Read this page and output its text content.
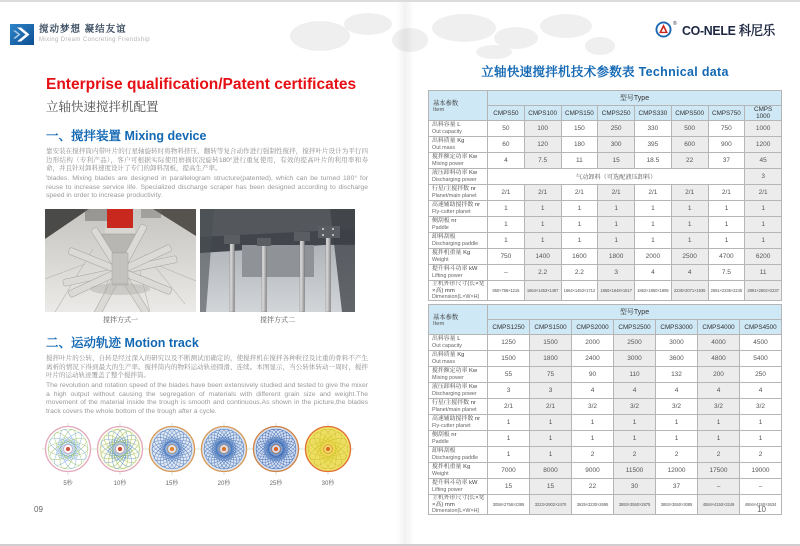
搅动梦想 凝结友谊
Mixing Dream Concreting Friendship
® CO-NELE 科尼乐
Enterprise qualification/Patent certificates
立轴快速搅拌机配置
一、搅拌装置 Mixing device
靠安装在搅拌筒内带叶片的行星轴旋转时将物料挤压、翻转等复合动作进行强制性搅拌，搅拌叶片设计为平行四边形结构（专利产品），客户可根据实际使用磨损状况旋转180°进行重复使用，有效的提高叶片的利用率和寿命，并且针对卸料速度设计了专门的卸料刮板，提高生产率。
'blades. Mixing blades are designed in parallelogram structure(patented), which can be turned 180° for reuse to increase service life. Specialized discharge scraper has been designed according to discharge speed in order to increase productivity.
搅拌方式一	搅拌方式二
二、运动轨迹 Motion track
搅拌叶片的公转、自转是经过深入的研究以及不断测试而确定的，使搅拌机在搅拌各种粒径及比重的骨料不产生离析的情况下得到最大的生产率。搅拌筒内的物料运动轨迹圆滑、连续。本图显示，当公转体转动一周时，搅拌叶片的运动轨迹覆盖了整个搅拌筒。
The revolution and rotation speed of the blades have been extensively studied and tested to give the mixer a high output without causing the segregation of materials with different grain size and weight.The movement of the material inside the trough is smooth and continuous.As shown in the picture,the blades track covers the whole bottom of the trough after a cycle.
5秒	10秒	15秒	20秒	25秒	30秒
09
立轴快速搅拌机技术参数表 Technical data
基本参数
Item	型号Type							
	CMPS50	CMPS100	CMPS150	CMPS250	CMPS330	CMPS500	CMPS750	CMPS 1000

出料容量 L
Out capacity	50	100	150	250	330	500	750	1000

出料质量 Kg
Out mass	60	120	180	300	395	600	900	1200

搅拌额定功率 Kw
Mixing power	4	7.5	11	15	18.5	22	37	45

液压卸料功率 Kw
Discharging power	气动卸料（可选配液压卸料）							3

行星/主搅拌数 nr
Planet/main planet	2/1	2/1	2/1	2/1	2/1	2/1	2/1	2/1

高速辅助搅拌数 nr
Fly-cutter planet	1	1	1	1	1	1	1	1

侧刮板 nr
Paddle	1	1	1	1	1	1	1	1

卸料刮板
Discharging paddle	1	1	1	1	1	1	1	1

搅拌机重量 Kg
Weight	750	1400	1600	1800	2000	2500	4700	6200

提升料斗功率 kW
Lifting power	–	2.2	2.2	3	4	4	7.5	11

主机外形尺寸(长×宽×高) mm
Dimension(L×W×H)	950×786×1215	1664×1453×1487	1664×1453×1712	1856×1648×1817	1862×1850×1895	2235×2071×1935	2581×2336×2245	2891×2602×2237
基本参数
Item	型号Type						
	CMPS1250	CMPS1500	CMPS2000	CMPS2500	CMPS3000	CMPS4000	CMPS4500

出料容量 L
Out capacity	1250	1500	2000	2500	3000	4000	4500

出料质量 Kg
Out mass	1500	1800	2400	3000	3600	4800	5400

搅拌额定功率 Kw
Mixing power	55	75	90	110	132	200	250

液压卸料功率 Kw
Discharging power	3	3	4	4	4	4	4

行星/主搅拌数 nr
Planet/main planet	2/1	2/1	3/2	3/2	3/2	3/2	3/2

高速辅助搅拌数 nr
Fly-cutter planet	1	1	1	1	1	1	1

侧刮板 nr
Paddle	1	1	1	1	1	1	1

卸料刮板
Discharging paddle	1	1	2	2	2	2	2

搅拌机重量 Kg
Weight	7000	8000	9000	11500	12000	17500	19000

提升料斗功率 kW
Lifting power	15	15	22	30	37	–	–

主机外形尺寸(长×宽×高) mm
Dimension(L×W×H)	3058×2756×2395	3223×2902×2470	3625×3230×2695	3893×3550×2875	3893×3550×3085	4594×4150×3249	4594×4150×3634
10
